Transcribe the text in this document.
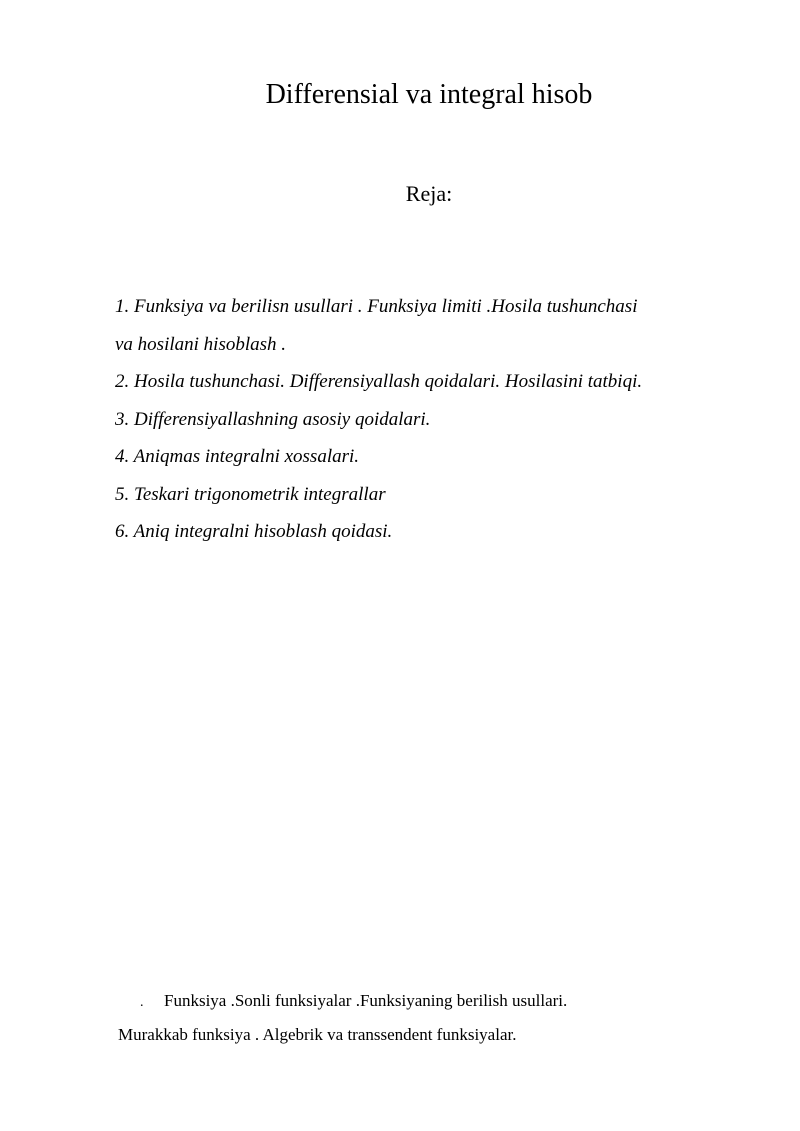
Differensial va integral hisob
Reja:
1. Funksiya va berilisn usullari . Funksiya limiti .Hosila tushunchasi
va hosilani hisoblash .
2. Hosila tushunchasi. Differensiyallash qoidalari. Hosilasini tatbiqi.
3. Differensiyallashning asosiy qoidalari.
4. Aniqmas integralni xossalari.
5. Teskari trigonometrik integrallar
6. Aniq integralni hisoblash qoidasi.
. Funksiya .Sonli funksiyalar .Funksiyaning berilish usullari.
Murakkab funksiya . Algebrik va transsendent funksiyalar.
